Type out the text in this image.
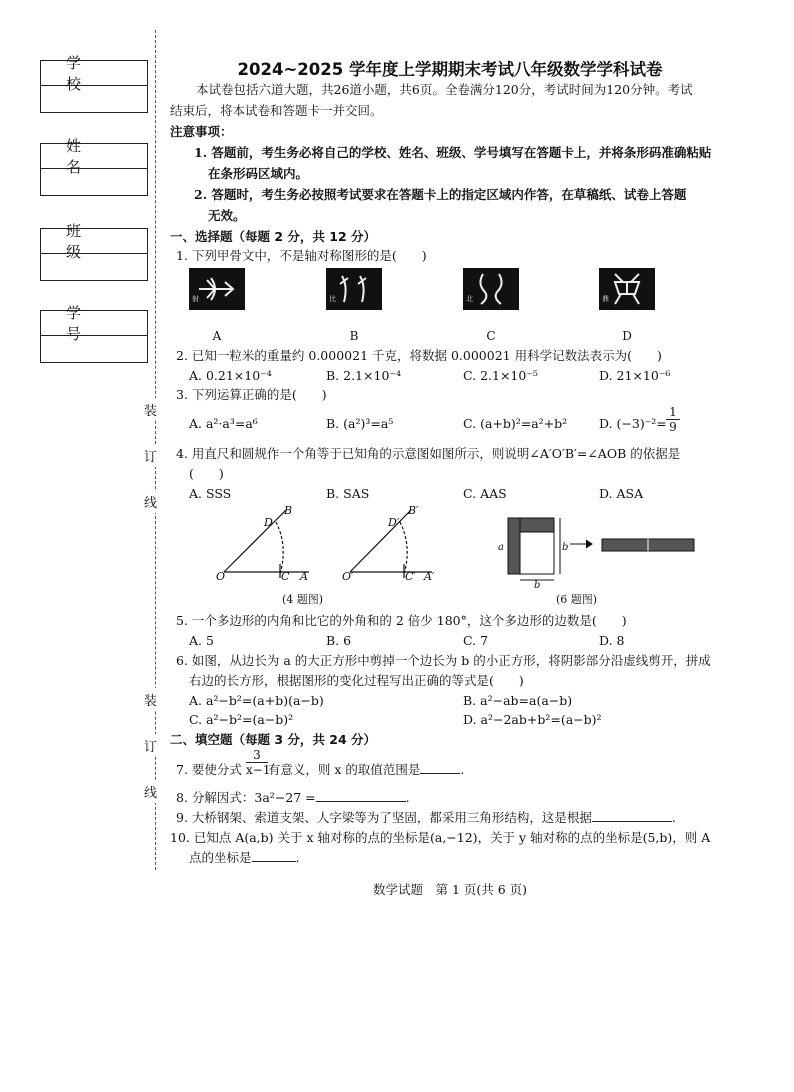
学　校
姓　名
班　级
学　号
装
订
线
装
订
线
2024~2025 学年度上学期期末考试八年级数学学科试卷
本试卷包括六道大题，共26道小题，共6页。全卷满分120分，考试时间为120分钟。考试
结束后，将本试卷和答题卡一并交回。
注意事项：
1. 答题前，考生务必将自己的学校、姓名、班级、学号填写在答题卡上，并将条形码准确粘贴
在条形码区域内。
2. 答题时，考生务必按照考试要求在答题卡上的指定区域内作答，在草稿纸、试卷上答题
无效。
一、选择题（每题 2 分，共 12 分）
1. 下列甲骨文中，不是轴对称图形的是(　　)
射	比	北	鼎
A	B	C	D
2. 已知一粒米的重量约 0.000021 千克，将数据 0.000021 用科学记数法表示为(　　)
A. 0.21×10⁻⁴	B. 2.1×10⁻⁴	C. 2.1×10⁻⁵	D. 21×10⁻⁶
3. 下列运算正确的是(　　)
A. a²·a³=a⁶	B. (a²)³=a⁵	C. (a+b)²=a²+b²	D. $(-3)^{-2}= \frac{1}{9}$
4. 用直尺和圆规作一个角等于已知角的示意图如图所示，则说明∠A′O′B′=∠AOB 的依据是
(　　)
A. SSS	B. SAS	C. AAS	D. ASA
O	C A
D
B
O′	C′ A′
D′
B′
(4 题图)
a	b
b
(6 题图)
5. 一个多边形的内角和比它的外角和的 2 倍少 180°，这个多边形的边数是(　　)
A. 5	B. 6	C. 7	D. 8
6. 如图，从边长为 a 的大正方形中剪掉一个边长为 b 的小正方形，将阴影部分沿虚线剪开，拼成
右边的长方形，根据图形的变化过程写出正确的等式是(　　)
A. a²−b²=(a+b)(a−b)	B. a²−ab=a(a−b)
C. a²−b²=(a−b)²	D. a²−2ab+b²=(a−b)²
二、填空题（每题 3 分，共 24 分）
7. 要使分式 $\frac{3}{x-1}$ 有意义，则 x 的取值范围是	.
8. 分解因式：3a²−27 =	.
9. 大桥钢架、索道支架、人字梁等为了坚固，都采用三角形结构，这是根据	.
10. 已知点 A(a,b) 关于 x 轴对称的点的坐标是(a,−12)，关于 y 轴对称的点的坐标是(5,b)，则 A
点的坐标是	.
数学试题　第 1 页(共 6 页)
